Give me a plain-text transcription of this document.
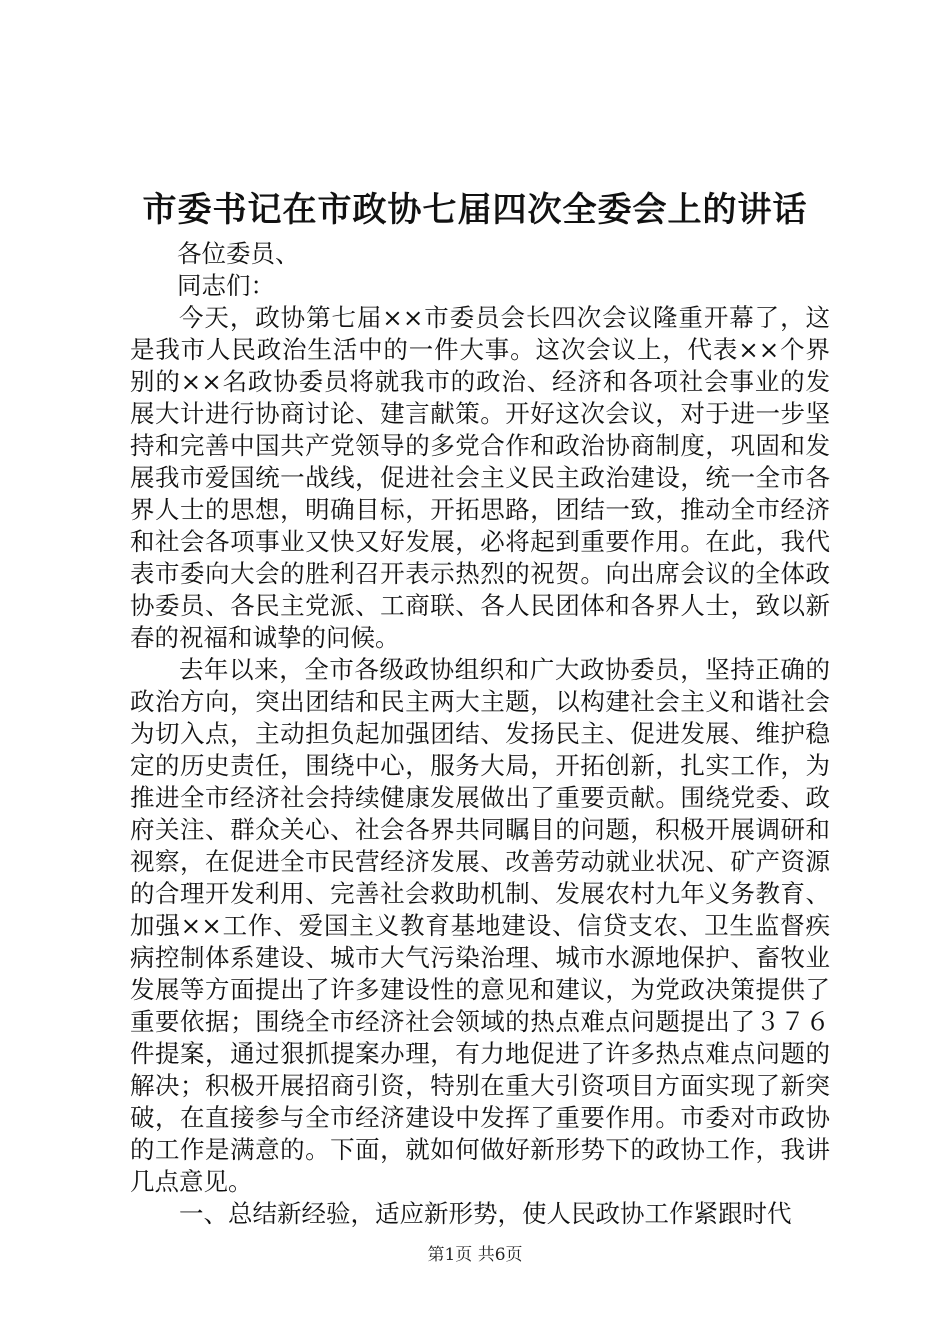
市委书记在市政协七届四次全委会上的讲话

各位委员、

同志们：

今天，政协第七届××市委员会长四次会议隆重开幕了，这是我市人民政治生活中的一件大事。这次会议上，代表××个界别的××名政协委员将就我市的政治、经济和各项社会事业的发展大计进行协商讨论、建言献策。开好这次会议，对于进一步坚持和完善中国共产党领导的多党合作和政治协商制度，巩固和发展我市爱国统一战线，促进社会主义民主政治建设，统一全市各界人士的思想，明确目标，开拓思路，团结一致，推动全市经济和社会各项事业又快又好发展，必将起到重要作用。在此，我代表市委向大会的胜利召开表示热烈的祝贺。向出席会议的全体政协委员、各民主党派、工商联、各人民团体和各界人士，致以新春的祝福和诚挚的问候。

去年以来，全市各级政协组织和广大政协委员，坚持正确的政治方向，突出团结和民主两大主题，以构建社会主义和谐社会为切入点，主动担负起加强团结、发扬民主、促进发展、维护稳定的历史责任，围绕中心，服务大局，开拓创新，扎实工作，为推进全市经济社会持续健康发展做出了重要贡献。围绕党委、政府关注、群众关心、社会各界共同瞩目的问题，积极开展调研和视察，在促进全市民营经济发展、改善劳动就业状况、矿产资源的合理开发利用、完善社会救助机制、发展农村九年义务教育、加强××工作、爱国主义教育基地建设、信贷支农、卫生监督疾病控制体系建设、城市大气污染治理、城市水源地保护、畜牧业发展等方面提出了许多建设性的意见和建议，为党政决策提供了重要依据；围绕全市经济社会领域的热点难点问题提出了３７６件提案，通过狠抓提案办理，有力地促进了许多热点难点问题的解决；积极开展招商引资，特别在重大引资项目方面实现了新突破，在直接参与全市经济建设中发挥了重要作用。市委对市政协的工作是满意的。下面，就如何做好新形势下的政协工作，我讲几点意见。

一、总结新经验，适应新形势，使人民政协工作紧跟时代

第1页 共6页
